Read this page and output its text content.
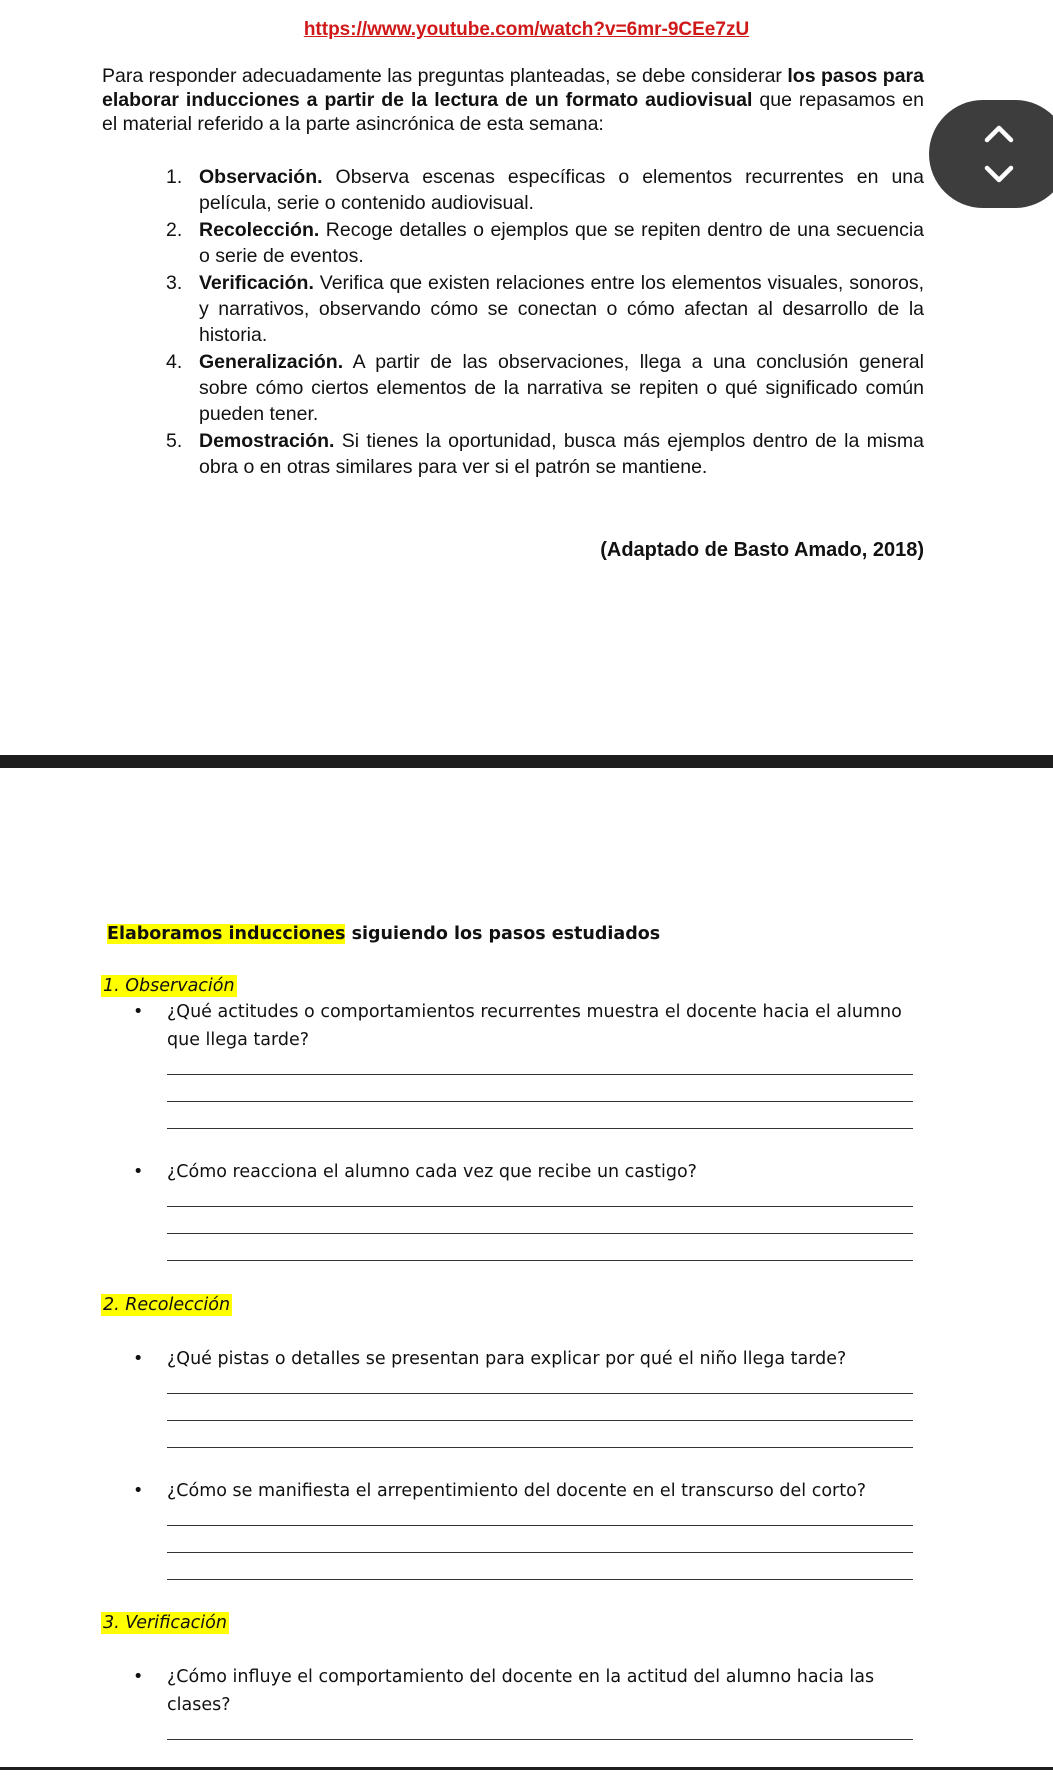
https://www.youtube.com/watch?v=6mr-9CEe7zU

Para responder adecuadamente las preguntas planteadas, se debe considerar los pasos para elaborar inducciones a partir de la lectura de un formato audiovisual que repasamos en el material referido a la parte asincrónica de esta semana:

1. Observación. Observa escenas específicas o elementos recurrentes en una película, serie o contenido audiovisual.
2. Recolección. Recoge detalles o ejemplos que se repiten dentro de una secuencia o serie de eventos.
3. Verificación. Verifica que existen relaciones entre los elementos visuales, sonoros, y narrativos, observando cómo se conectan o cómo afectan al desarrollo de la historia.
4. Generalización. A partir de las observaciones, llega a una conclusión general sobre cómo ciertos elementos de la narrativa se repiten o qué significado común pueden tener.
5. Demostración. Si tienes la oportunidad, busca más ejemplos dentro de la misma obra o en otras similares para ver si el patrón se mantiene.
(Adaptado de Basto Amado, 2018)
Elaboramos inducciones siguiendo los pasos estudiados
1. Observación
• ¿Qué actitudes o comportamientos recurrentes muestra el docente hacia el alumno que llega tarde?
• ¿Cómo reacciona el alumno cada vez que recibe un castigo?
2. Recolección
• ¿Qué pistas o detalles se presentan para explicar por qué el niño llega tarde?
• ¿Cómo se manifiesta el arrepentimiento del docente en el transcurso del corto?
3. Verificación
• ¿Cómo influye el comportamiento del docente en la actitud del alumno hacia las clases?
